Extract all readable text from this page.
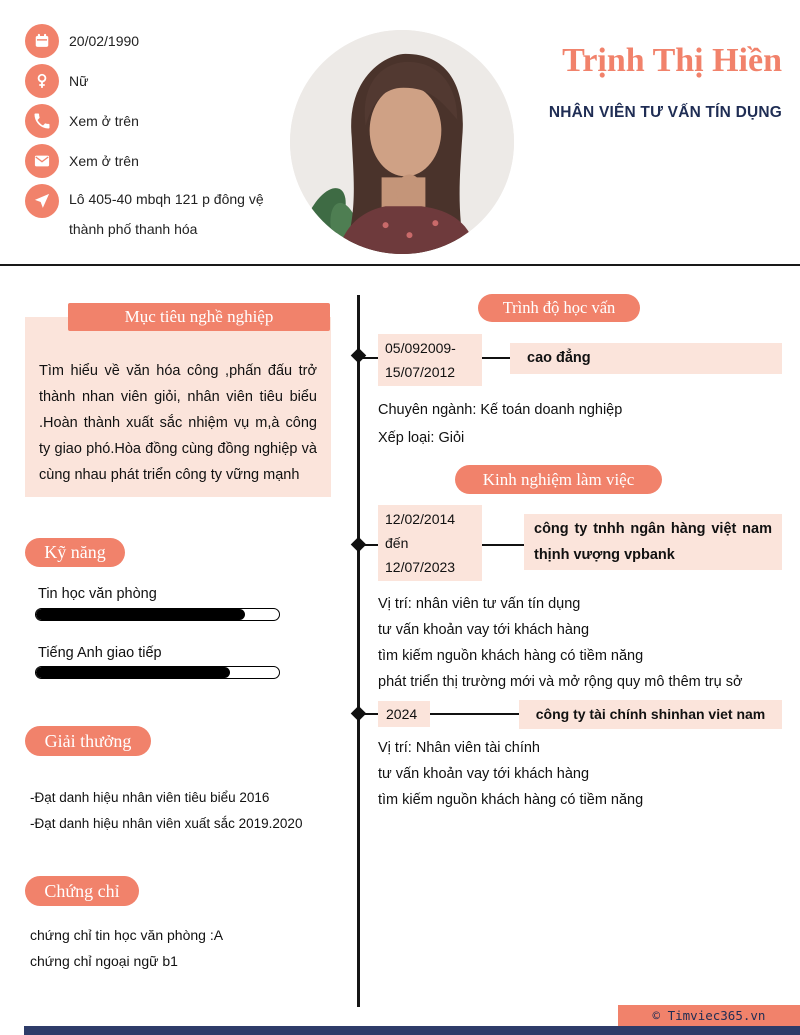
20/02/1990
Nữ
Xem ở trên
Xem ở trên
Lô 405-40 mbqh 121 p đông vệ
thành phố thanh hóa
Trịnh Thị Hiền
NHÂN VIÊN TƯ VẤN TÍN DỤNG
Mục tiêu nghề nghiệp
Tìm hiểu về văn hóa công ,phấn đấu trở thành nhan viên giỏi, nhân viên tiêu biểu .Hoàn thành xuất sắc nhiệm vụ m,à công ty giao phó.Hòa đồng cùng đồng nghiệp và cùng nhau phát triển công ty vững mạnh
Kỹ năng
Tin học văn phòng
Tiếng Anh giao tiếp
Giải thưởng
-Đạt danh hiệu nhân viên tiêu biểu 2016
-Đạt danh hiệu nhân viên xuất sắc 2019.2020
Chứng chỉ
chứng chỉ tin học văn phòng :A
chứng chỉ ngoại ngữ b1
Trình độ học vấn
05/092009-
15/07/2012
cao đẳng
Chuyên ngành: Kế toán doanh nghiệp
Xếp loại: Giỏi
Kinh nghiệm làm việc
12/02/2014
đến
12/07/2023
công ty tnhh ngân hàng việt nam thịnh vượng vpbank
Vị trí: nhân viên tư vấn tín dụng
tư vấn khoản vay tới khách hàng
tìm kiếm nguồn khách hàng có tiềm năng
phát triển thị trường mới và mở rộng quy mô thêm trụ sở
2024	công ty tài chính shinhan viet nam
Vị trí: Nhân viên tài chính
tư vấn khoản vay tới khách hàng
tìm kiếm nguồn khách hàng có tiềm năng
© Timviec365.vn
